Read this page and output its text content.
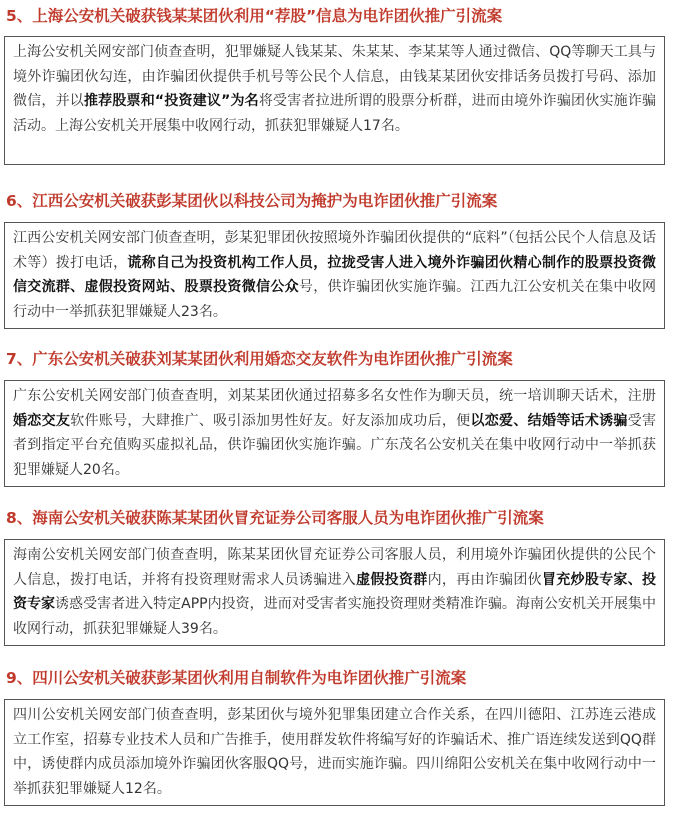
5、上海公安机关破获钱某某团伙利用“荐股”信息为电诈团伙推广引流案
上海公安机关网安部门侦查查明，犯罪嫌疑人钱某某、朱某某、李某某等人通过微信、QQ等聊天工具与境外诈骗团伙勾连，由诈骗团伙提供手机号等公民个人信息，由钱某某团伙安排话务员拨打号码、添加微信，并以推荐股票和“投资建议”为名将受害者拉进所谓的股票分析群，进而由境外诈骗团伙实施诈骗活动。上海公安机关开展集中收网行动，抓获犯罪嫌疑人17名。
6、江西公安机关破获彭某团伙以科技公司为掩护为电诈团伙推广引流案
江西公安机关网安部门侦查查明，彭某犯罪团伙按照境外诈骗团伙提供的“底料”（包括公民个人信息及话术等）拨打电话，谎称自己为投资机构工作人员，拉拢受害人进入境外诈骗团伙精心制作的股票投资微信交流群、虚假投资网站、股票投资微信公众号，供诈骗团伙实施诈骗。江西九江公安机关在集中收网行动中一举抓获犯罪嫌疑人23名。
7、广东公安机关破获刘某某团伙利用婚恋交友软件为电诈团伙推广引流案
广东公安机关网安部门侦查查明，刘某某团伙通过招募多名女性作为聊天员，统一培训聊天话术，注册婚恋交友软件账号，大肆推广、吸引添加男性好友。好友添加成功后，便以恋爱、结婚等话术诱骗受害者到指定平台充值购买虚拟礼品，供诈骗团伙实施诈骗。广东茂名公安机关在集中收网行动中一举抓获犯罪嫌疑人20名。
8、海南公安机关破获陈某某团伙冒充证券公司客服人员为电诈团伙推广引流案
海南公安机关网安部门侦查查明，陈某某团伙冒充证券公司客服人员，利用境外诈骗团伙提供的公民个人信息，拨打电话，并将有投资理财需求人员诱骗进入虚假投资群内，再由诈骗团伙冒充炒股专家、投资专家诱惑受害者进入特定APP内投资，进而对受害者实施投资理财类精准诈骗。海南公安机关开展集中收网行动，抓获犯罪嫌疑人39名。
9、四川公安机关破获彭某团伙利用自制软件为电诈团伙推广引流案
四川公安机关网安部门侦查查明，彭某团伙与境外犯罪集团建立合作关系，在四川德阳、江苏连云港成立工作室，招募专业技术人员和广告推手，使用群发软件将编写好的诈骗话术、推广语连续发送到QQ群中，诱使群内成员添加境外诈骗团伙客服QQ号，进而实施诈骗。四川绵阳公安机关在集中收网行动中一举抓获犯罪嫌疑人12名。
